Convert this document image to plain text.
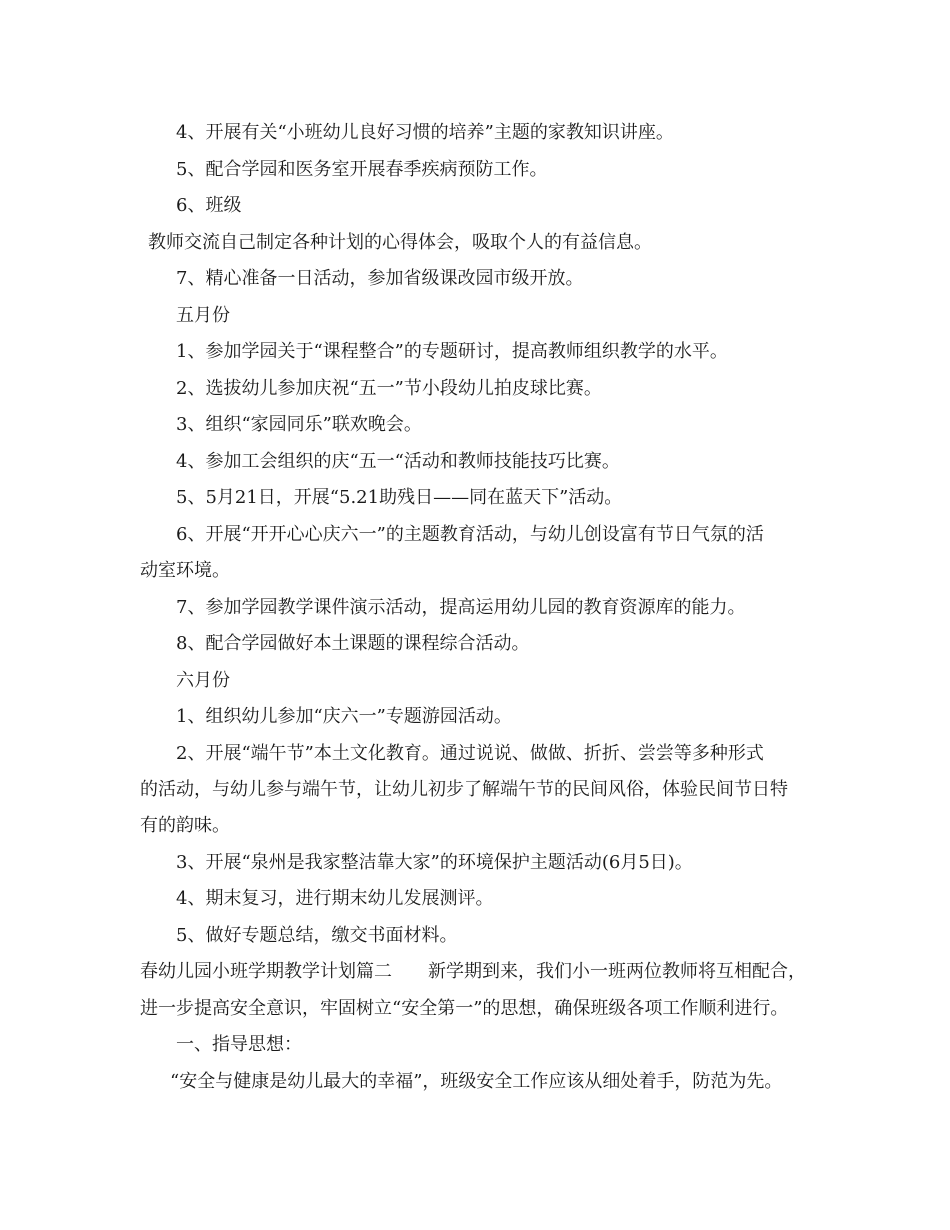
4、开展有关“小班幼儿良好习惯的培养”主题的家教知识讲座。
5、配合学园和医务室开展春季疾病预防工作。
6、班级
教师交流自己制定各种计划的心得体会，吸取个人的有益信息。
7、精心准备一日活动，参加省级课改园市级开放。
五月份
1、参加学园关于“课程整合”的专题研讨，提高教师组织教学的水平。
2、选拔幼儿参加庆祝“五一”节小段幼儿拍皮球比赛。
3、组织“家园同乐”联欢晚会。
4、参加工会组织的庆“五一“活动和教师技能技巧比赛。
5、5月21日，开展“5.21助残日——同在蓝天下”活动。
6、开展“开开心心庆六一”的主题教育活动，与幼儿创设富有节日气氛的活
动室环境。
7、参加学园教学课件演示活动，提高运用幼儿园的教育资源库的能力。
8、配合学园做好本土课题的课程综合活动。
六月份
1、组织幼儿参加“庆六一”专题游园活动。
2、开展“端午节”本土文化教育。通过说说、做做、折折、尝尝等多种形式
的活动，与幼儿参与端午节，让幼儿初步了解端午节的民间风俗，体验民间节日特
有的韵味。
3、开展“泉州是我家整洁靠大家”的环境保护主题活动(6月5日)。
4、期末复习，进行期末幼儿发展测评。
5、做好专题总结，缴交书面材料。
春幼儿园小班学期教学计划篇二　　新学期到来，我们小一班两位教师将互相配合，
进一步提高安全意识，牢固树立“安全第一”的思想，确保班级各项工作顺利进行。
一、指导思想：
“安全与健康是幼儿最大的幸福”，班级安全工作应该从细处着手，防范为先。
